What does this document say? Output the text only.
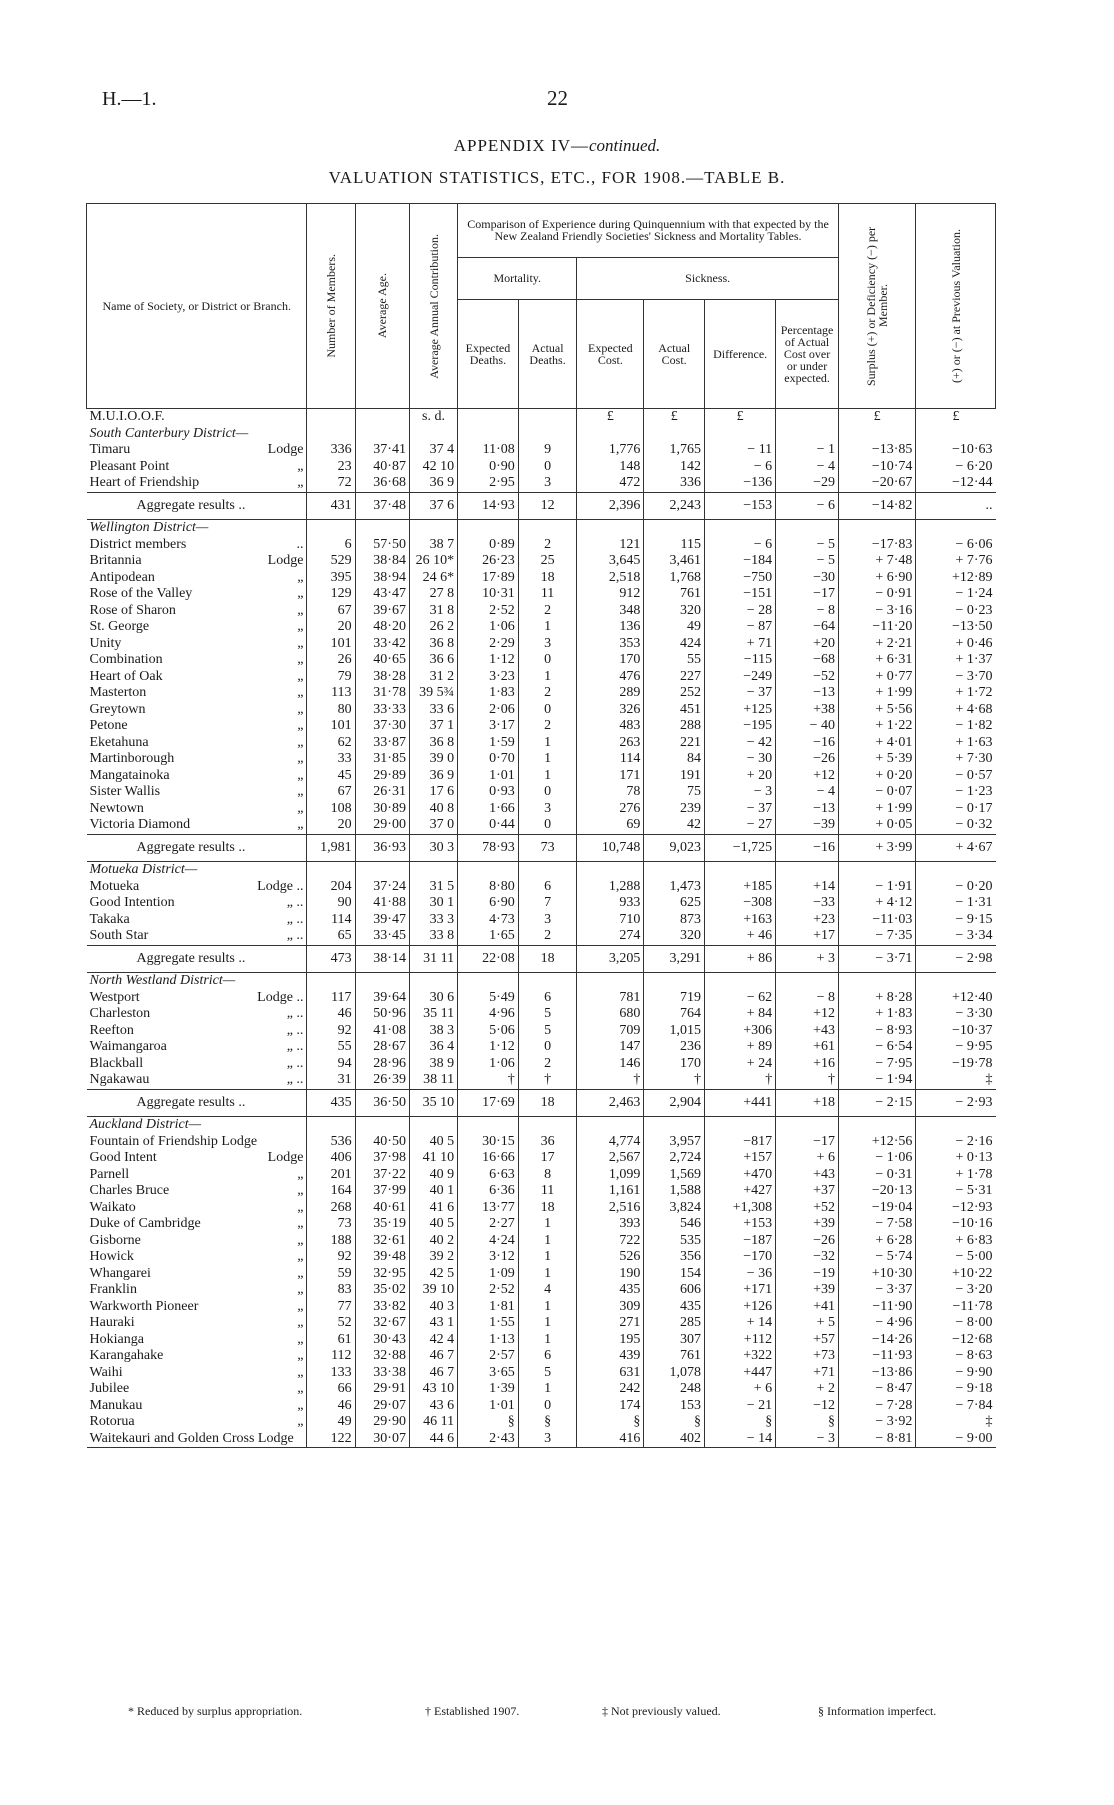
H.—1.	22
APPENDIX IV—continued.
VALUATION STATISTICS, ETC., FOR 1908.—TABLE B.
Name of Society, or District or Branch.	Number of Members.	Average Age.	Average Annual Contribution.	Comparison of Experience during Quinquennium with that expected by the New Zealand Friendly Societies' Sickness and Mortality Tables.						Surplus (+) or Deficiency (−) per Member.	(+) or (−) at Previous Valuation.

				Mortality.		Sickness.					
				Expected Deaths.	Actual Deaths.	Expected Cost.	Actual Cost.	Difference.	Percentage of Actual Cost over or under expected.		
M.U.I.O.O.F.			s. d.			£	£	£		£	£
South Canterbury District—											

Timaru Lodge	336	37·41	37 4	11·08	9	1,776	1,765	− 11	− 1	−13·85	−10·63

Pleasant Point „	23	40·87	42 10	0·90	0	148	142	− 6	− 4	−10·74	− 6·20

Heart of Friendship „	72	36·68	36 9	2·95	3	472	336	−136	−29	−20·67	−12·44
Aggregate results ..	431	37·48	37 6	14·93	12	2,396	2,243	−153	− 6	−14·82	..
Wellington District—											

District members ..	6	57·50	38 7	0·89	2	121	115	− 6	− 5	−17·83	− 6·06

Britannia Lodge	529	38·84	26 10*	26·23	25	3,645	3,461	−184	− 5	+ 7·48	+ 7·76

Antipodean „	395	38·94	24 6*	17·89	18	2,518	1,768	−750	−30	+ 6·90	+12·89

Rose of the Valley „	129	43·47	27 8	10·31	11	912	761	−151	−17	− 0·91	− 1·24

Rose of Sharon „	67	39·67	31 8	2·52	2	348	320	− 28	− 8	− 3·16	− 0·23

St. George „	20	48·20	26 2	1·06	1	136	49	− 87	−64	−11·20	−13·50

Unity „	101	33·42	36 8	2·29	3	353	424	+ 71	+20	+ 2·21	+ 0·46

Combination „	26	40·65	36 6	1·12	0	170	55	−115	−68	+ 6·31	+ 1·37

Heart of Oak „	79	38·28	31 2	3·23	1	476	227	−249	−52	+ 0·77	− 3·70

Masterton „	113	31·78	39 5¾	1·83	2	289	252	− 37	−13	+ 1·99	+ 1·72

Greytown „	80	33·33	33 6	2·06	0	326	451	+125	+38	+ 5·56	+ 4·68

Petone „	101	37·30	37 1	3·17	2	483	288	−195	− 40	+ 1·22	− 1·82

Eketahuna „	62	33·87	36 8	1·59	1	263	221	− 42	−16	+ 4·01	+ 1·63

Martinborough „	33	31·85	39 0	0·70	1	114	84	− 30	−26	+ 5·39	+ 7·30

Mangatainoka „	45	29·89	36 9	1·01	1	171	191	+ 20	+12	+ 0·20	− 0·57

Sister Wallis „	67	26·31	17 6	0·93	0	78	75	− 3	− 4	− 0·07	− 1·23

Newtown „	108	30·89	40 8	1·66	3	276	239	− 37	−13	+ 1·99	− 0·17

Victoria Diamond „	20	29·00	37 0	0·44	0	69	42	− 27	−39	+ 0·05	− 0·32
Aggregate results ..	1,981	36·93	30 3	78·93	73	10,748	9,023	−1,725	−16	+ 3·99	+ 4·67
Motueka District—											

Motueka Lodge ..	204	37·24	31 5	8·80	6	1,288	1,473	+185	+14	− 1·91	− 0·20

Good Intention „ ..	90	41·88	30 1	6·90	7	933	625	−308	−33	+ 4·12	− 1·31

Takaka „ ..	114	39·47	33 3	4·73	3	710	873	+163	+23	−11·03	− 9·15

South Star „ ..	65	33·45	33 8	1·65	2	274	320	+ 46	+17	− 7·35	− 3·34
Aggregate results ..	473	38·14	31 11	22·08	18	3,205	3,291	+ 86	+ 3	− 3·71	− 2·98
North Westland District—											

Westport Lodge ..	117	39·64	30 6	5·49	6	781	719	− 62	− 8	+ 8·28	+12·40

Charleston „ ..	46	50·96	35 11	4·96	5	680	764	+ 84	+12	+ 1·83	− 3·30

Reefton „ ..	92	41·08	38 3	5·06	5	709	1,015	+306	+43	− 8·93	−10·37

Waimangaroa „ ..	55	28·67	36 4	1·12	0	147	236	+ 89	+61	− 6·54	− 9·95

Blackball „ ..	94	28·96	38 9	1·06	2	146	170	+ 24	+16	− 7·95	−19·78

Ngakawau „ ..	31	26·39	38 11	†	†	†	†	†	†	− 1·94	‡
Aggregate results ..	435	36·50	35 10	17·69	18	2,463	2,904	+441	+18	− 2·15	− 2·93
Auckland District—											

Fountain of Friendship Lodge	536	40·50	40 5	30·15	36	4,774	3,957	−817	−17	+12·56	− 2·16

Good Intent Lodge	406	37·98	41 10	16·66	17	2,567	2,724	+157	+ 6	− 1·06	+ 0·13

Parnell „	201	37·22	40 9	6·63	8	1,099	1,569	+470	+43	− 0·31	+ 1·78

Charles Bruce „	164	37·99	40 1	6·36	11	1,161	1,588	+427	+37	−20·13	− 5·31

Waikato „	268	40·61	41 6	13·77	18	2,516	3,824	+1,308	+52	−19·04	−12·93

Duke of Cambridge „	73	35·19	40 5	2·27	1	393	546	+153	+39	− 7·58	−10·16

Gisborne „	188	32·61	40 2	4·24	1	722	535	−187	−26	+ 6·28	+ 6·83

Howick „	92	39·48	39 2	3·12	1	526	356	−170	−32	− 5·74	− 5·00

Whangarei „	59	32·95	42 5	1·09	1	190	154	− 36	−19	+10·30	+10·22

Franklin „	83	35·02	39 10	2·52	4	435	606	+171	+39	− 3·37	− 3·20

Warkworth Pioneer „	77	33·82	40 3	1·81	1	309	435	+126	+41	−11·90	−11·78

Hauraki „	52	32·67	43 1	1·55	1	271	285	+ 14	+ 5	− 4·96	− 8·00

Hokianga „	61	30·43	42 4	1·13	1	195	307	+112	+57	−14·26	−12·68

Karangahake „	112	32·88	46 7	2·57	6	439	761	+322	+73	−11·93	− 8·63

Waihi „	133	33·38	46 7	3·65	5	631	1,078	+447	+71	−13·86	− 9·90

Jubilee „	66	29·91	43 10	1·39	1	242	248	+ 6	+ 2	− 8·47	− 9·18

Manukau „	46	29·07	43 6	1·01	0	174	153	− 21	−12	− 7·28	− 7·84

Rotorua „	49	29·90	46 11	§	§	§	§	§	§	− 3·92	‡

Waitekauri and Golden Cross Lodge	122	30·07	44 6	2·43	3	416	402	− 14	− 3	− 8·81	− 9·00
* Reduced by surplus appropriation.	† Established 1907.	‡ Not previously valued.	§ Information imperfect.
